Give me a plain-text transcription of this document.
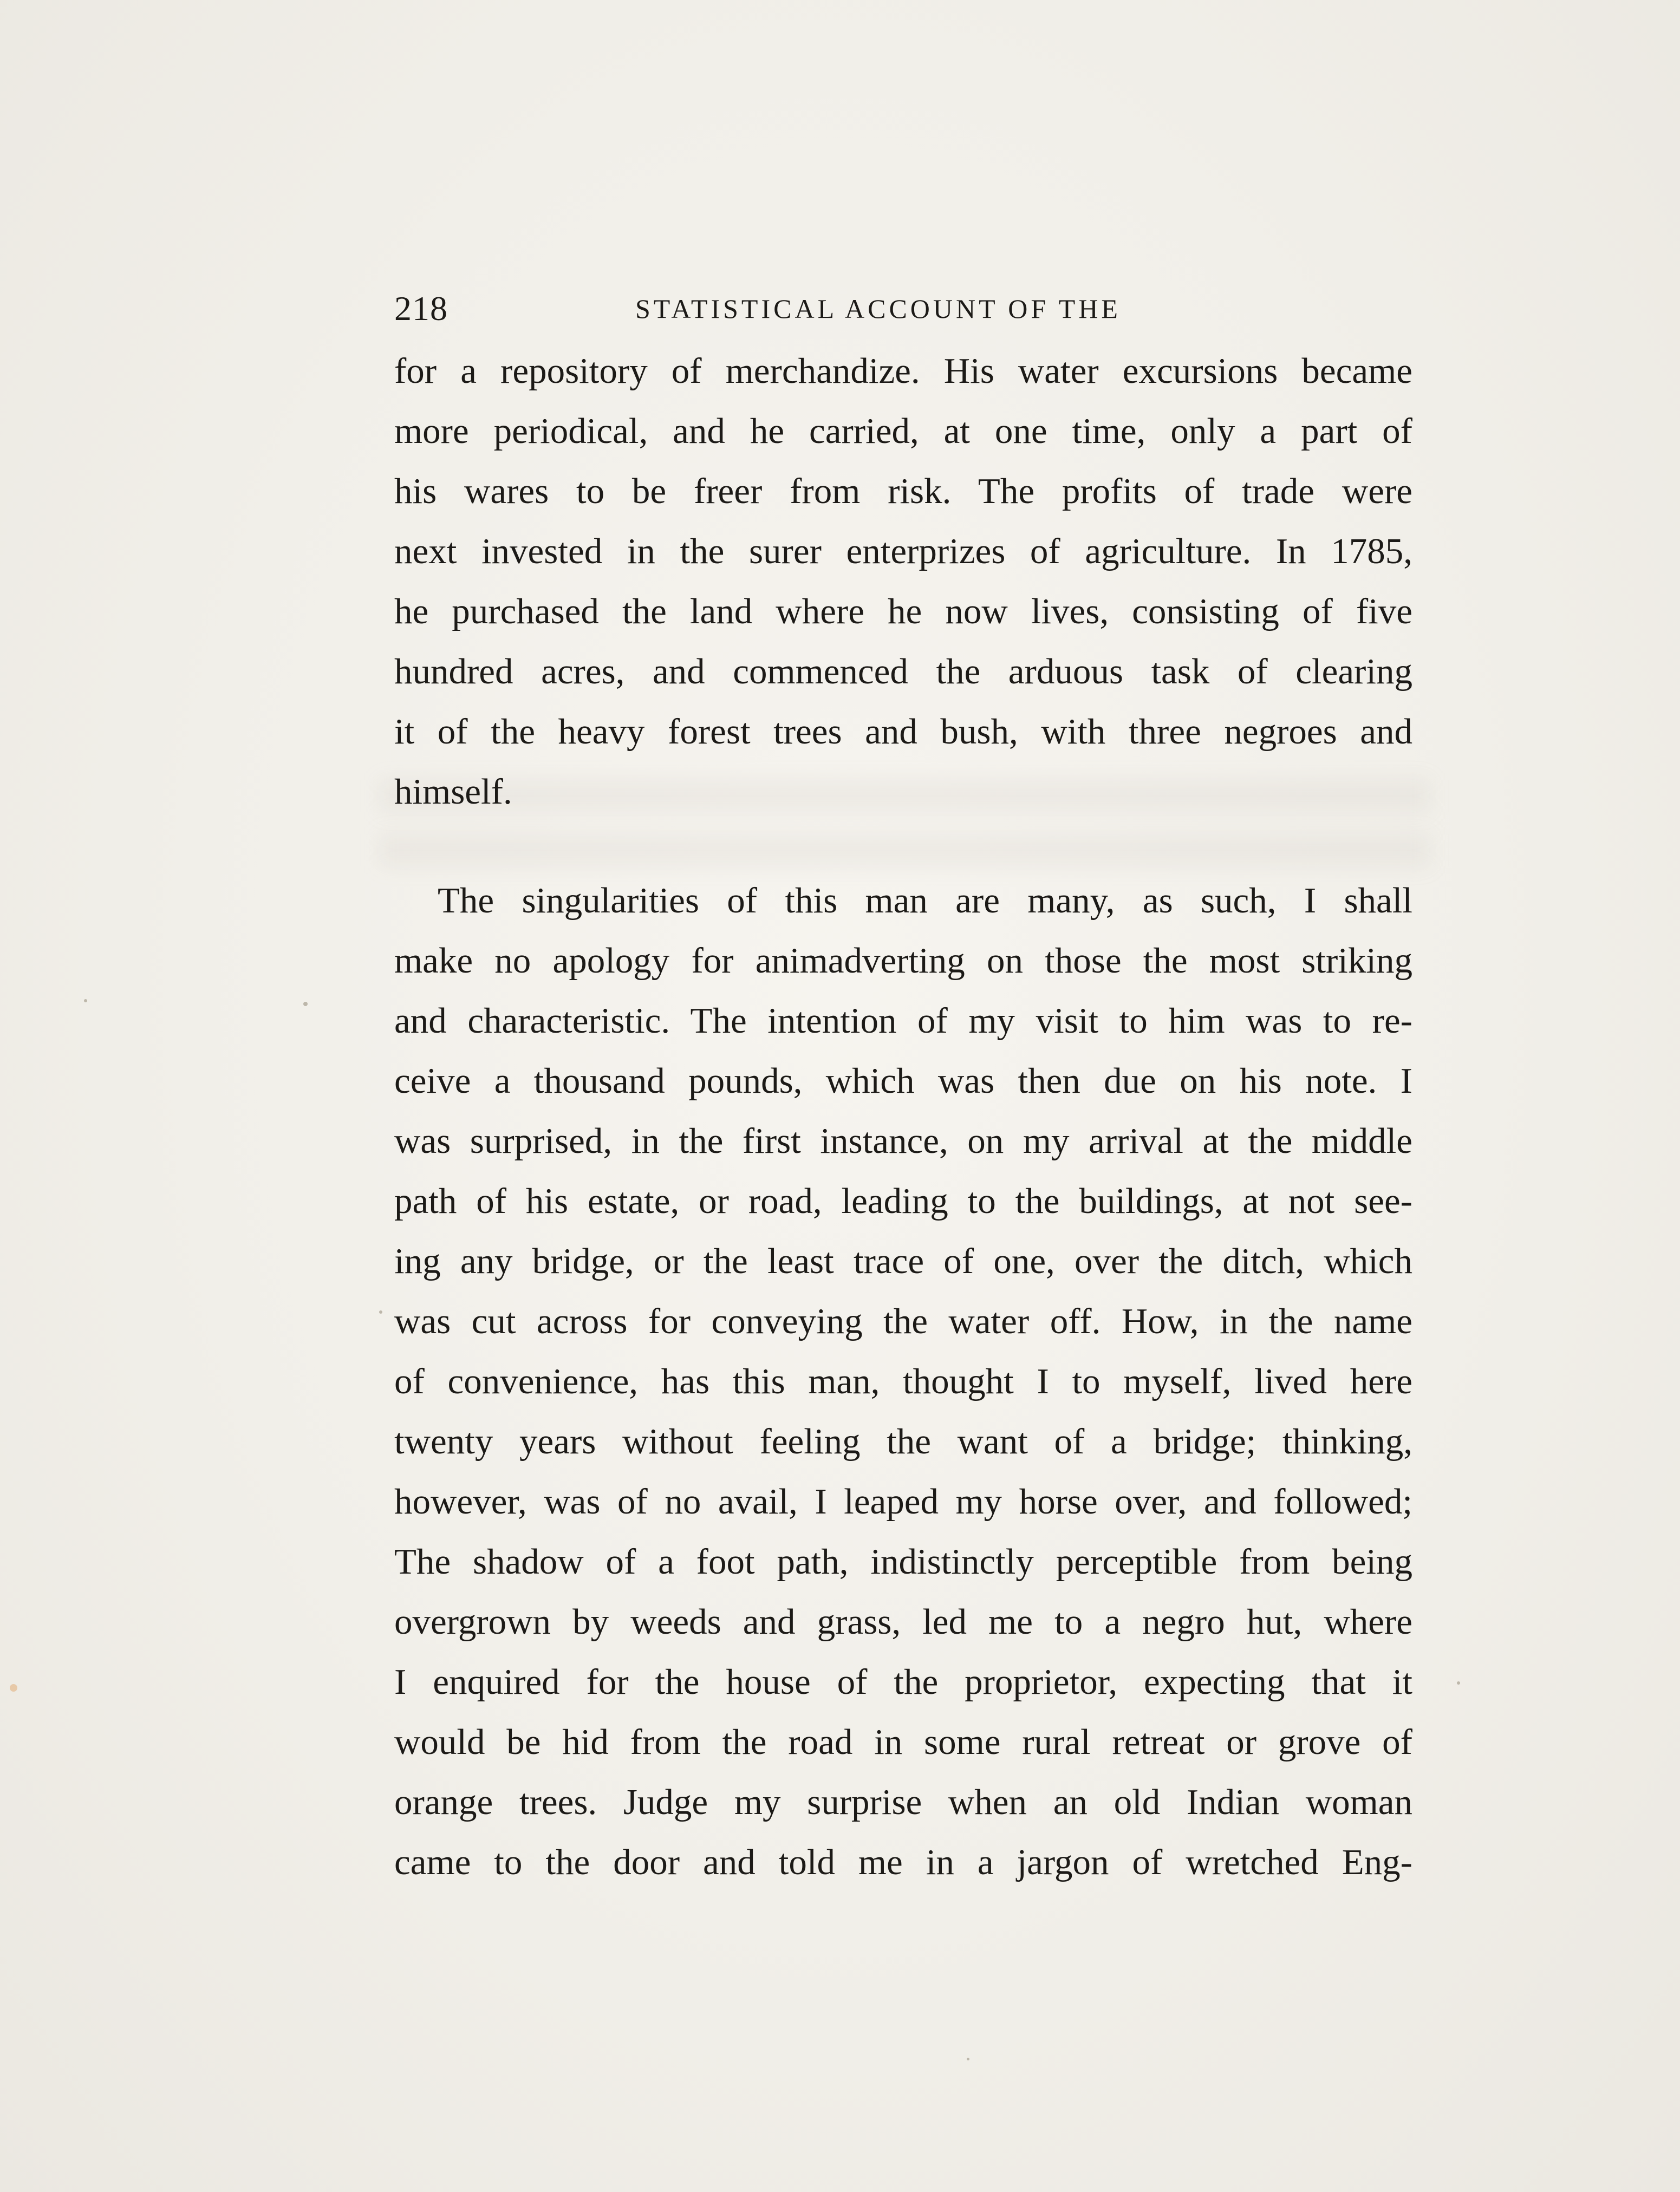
218	STATISTICAL ACCOUNT OF THE
for a repository of merchandize. His water excursions became
more periodical, and he carried, at one time, only a part of
his wares to be freer from risk. The profits of trade were
next invested in the surer enterprizes of agriculture. In 1785,
he purchased the land where he now lives, consisting of five
hundred acres, and commenced the arduous task of clearing
it of the heavy forest trees and bush, with three negroes and
himself.
The singularities of this man are many, as such, I shall
make no apology for animadverting on those the most striking
and characteristic. The intention of my visit to him was to re-
ceive a thousand pounds, which was then due on his note. I
was surprised, in the first instance, on my arrival at the middle
path of his estate, or road, leading to the buildings, at not see-
ing any bridge, or the least trace of one, over the ditch, which
was cut across for conveying the water off. How, in the name
of convenience, has this man, thought I to myself, lived here
twenty years without feeling the want of a bridge; thinking,
however, was of no avail, I leaped my horse over, and followed;
The shadow of a foot path, indistinctly perceptible from being
overgrown by weeds and grass, led me to a negro hut, where
I enquired for the house of the proprietor, expecting that it
would be hid from the road in some rural retreat or grove of
orange trees. Judge my surprise when an old Indian woman
came to the door and told me in a jargon of wretched Eng-
